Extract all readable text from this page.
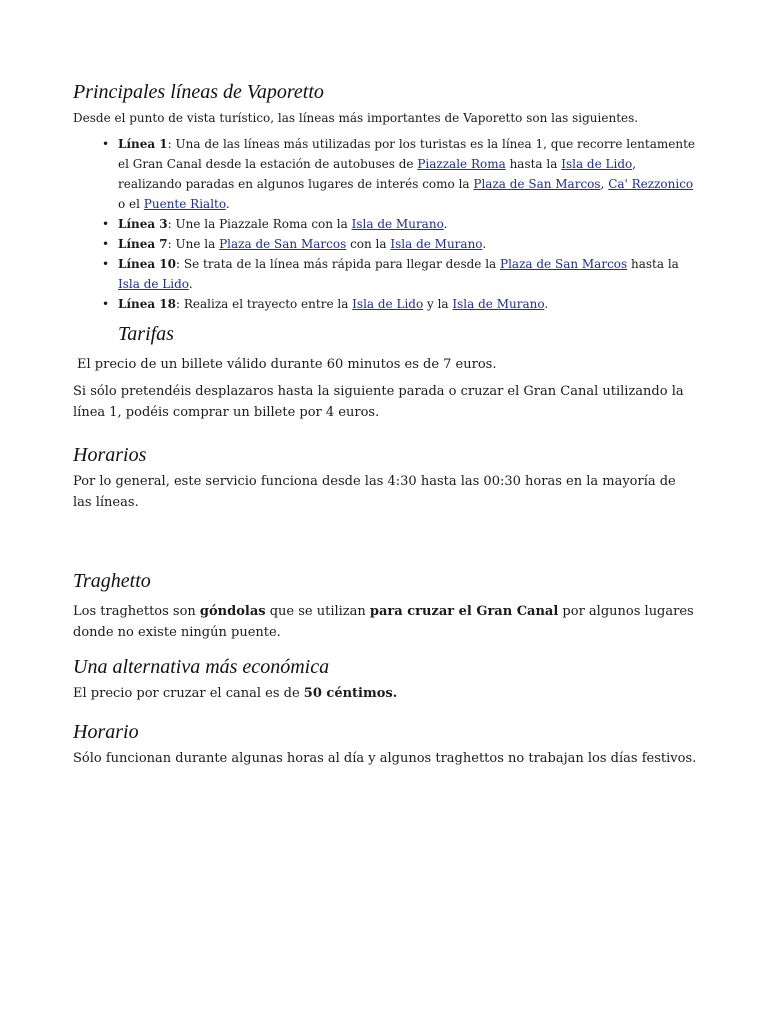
Principales líneas de Vaporetto

Desde el punto de vista turístico, las líneas más importantes de Vaporetto son las siguientes.

• Línea 1: Una de las líneas más utilizadas por los turistas es la línea 1, que recorre lentamente el Gran Canal desde la estación de autobuses de Piazzale Roma hasta la Isla de Lido, realizando paradas en algunos lugares de interés como la Plaza de San Marcos, Ca' Rezzonico o el Puente Rialto.
• Línea 3: Une la Piazzale Roma con la Isla de Murano.
• Línea 7: Une la Plaza de San Marcos con la Isla de Murano.
• Línea 10: Se trata de la línea más rápida para llegar desde la Plaza de San Marcos hasta la Isla de Lido.
• Línea 18: Realiza el trayecto entre la Isla de Lido y la Isla de Murano.
Tarifas

El precio de un billete válido durante 60 minutos es de 7 euros.

Si sólo pretendéis desplazaros hasta la siguiente parada o cruzar el Gran Canal utilizando la línea 1, podéis comprar un billete por 4 euros.

Horarios

Por lo general, este servicio funciona desde las 4:30 hasta las 00:30 horas en la mayoría de las líneas.

Traghetto

Los traghettos son góndolas que se utilizan para cruzar el Gran Canal por algunos lugares donde no existe ningún puente.

Una alternativa más económica

El precio por cruzar el canal es de 50 céntimos.

Horario

Sólo funcionan durante algunas horas al día y algunos traghettos no trabajan los días festivos.
